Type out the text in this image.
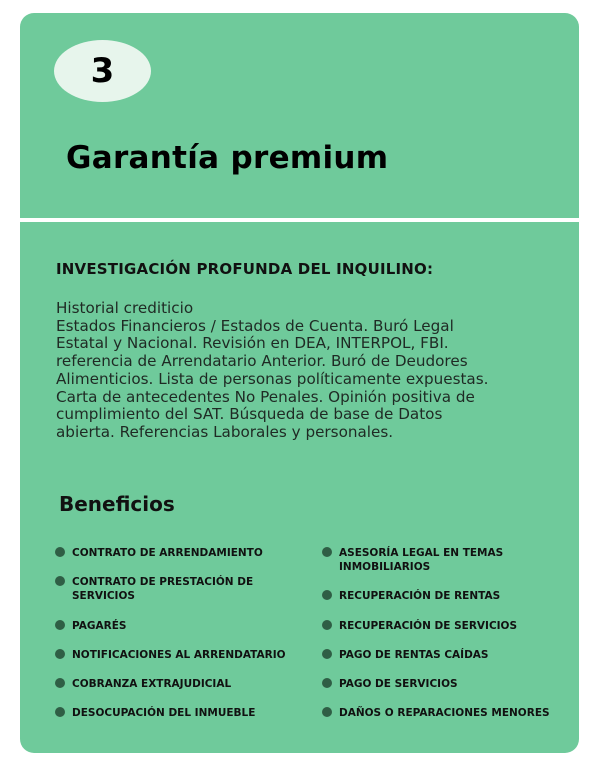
3
Garantía premium
INVESTIGACIÓN PROFUNDA DEL INQUILINO:
Historial crediticio
Estados Financieros / Estados de Cuenta. Buró Legal
Estatal y Nacional. Revisión en DEA, INTERPOL, FBI.
referencia de Arrendatario Anterior. Buró de Deudores
Alimenticios. Lista de personas políticamente expuestas.
Carta de antecedentes No Penales. Opinión positiva de
cumplimiento del SAT. Búsqueda de base de Datos
abierta. Referencias Laborales y personales.
Beneficios
CONTRATO DE ARRENDAMIENTO
CONTRATO DE PRESTACIÓN DE SERVICIOS
PAGARÉS
NOTIFICACIONES AL ARRENDATARIO
COBRANZA EXTRAJUDICIAL
DESOCUPACIÓN DEL INMUEBLE
ASESORÍA LEGAL EN TEMAS INMOBILIARIOS
RECUPERACIÓN DE RENTAS
RECUPERACIÓN DE SERVICIOS
PAGO DE RENTAS CAÍDAS
PAGO DE SERVICIOS
DAÑOS O REPARACIONES MENORES
